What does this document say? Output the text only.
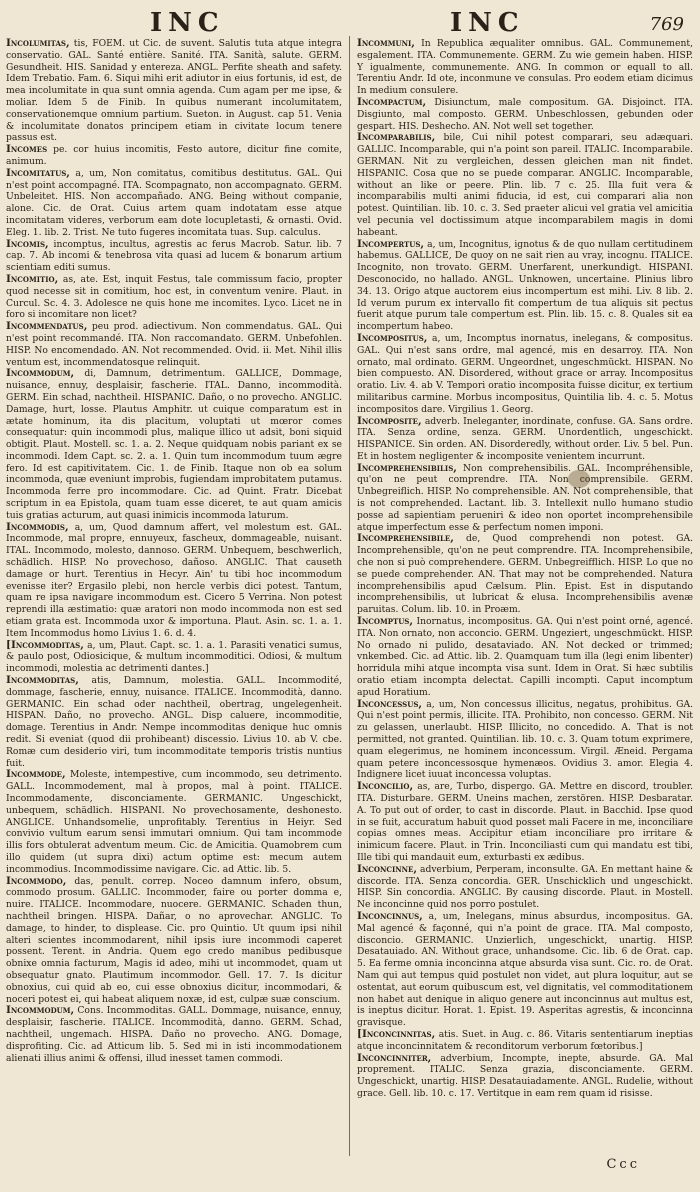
INC	INC	769

Incolumitas, tis, FOEM. ut Cic. de suvent. Salutis tuta atque integra conservatio. GAL. Santé entière. Sanité. ITA. Sanità, salute. GERM. Gesundheit. HIS. Sanidad y entereza. ANGL. Perfite sheath and safety. Idem Trebatio. Fam. 6. Siqui mihi erit adiutor in eius fortunis, id est, de mea incolumitate in qua sunt omnia agenda. Cum agam per me ipse, & moliar. Idem 5 de Finib. In quibus numerant incolumitatem, conservationemque omnium partium. Sueton. in August. cap 51. Venia & incolumitate donatos principem etiam in civitate locum tenere passus est.

Incomes pe. cor huius incomitis, Festo autore, dicitur fine comite, animum.

Incomitatus, a, um, Non comitatus, comitibus destitutus. GAL. Qui n'est point accompagné. ITA. Scompagnato, non accompagnato. GERM. Unbeleitet. HIS. Non accompañado. ANG. Being without companie, alone. Cic. de Orat. Cuius artem quam indotatam esse atque incomitatam videres, verborum eam dote locupletasti, & ornasti. Ovid. Eleg. 1. lib. 2. Trist. Ne tuto fugeres incomitata tuas. Sup. calculus.

Incomis, incomptus, incultus, agrestis ac ferus Macrob. Satur. lib. 7 cap. 7. Ab incomi & tenebrosa vita quasi ad lucem & bonarum artium scientiam editi sumus.

Incomitio, as, ate. Est, inquit Festus, tale commissum facio, propter quod necesse sit in comitium, hoc est, in conventum venire. Plaut. in Curcul. Sc. 4. 3. Adolesce ne quis hone me incomites. Lyco. Licet ne in foro si incomitare non licet?

Incommendatus, peu prod. adiectivum. Non commendatus. GAL. Qui n'est point recommandé. ITA. Non raccomandato. GERM. Unbefohlen. HISP. No encomendado. AN. Not recommended. Ovid. ii. Met. Nihil illis ventum est, incommendatosque relinquit.

Incommodum, di, Damnum, detrimentum. GALLICE, Dommage, nuisance, ennuy, desplaisir, fascherie. ITAL. Danno, incommodità. GERM. Ein schad, nachtheil. HISPANIC. Daño, o no provecho. ANGLIC. Damage, hurt, losse. Plautus Amphitr. ut cuique comparatum est in ætate hominum, ita dis placitum, voluptati ut mœror comes consequatur: quin incommodi plus, malique illico ut adsit, boni siquid obtigit. Plaut. Mostell. sc. 1. a. 2. Neque quidquam nobis pariant ex se incommodi. Idem Capt. sc. 2. a. 1. Quin tum incommodum tuum ægre fero. Id est capitivitatem. Cic. 1. de Finib. Itaque non ob ea solum incommoda, quæ eveniunt improbis, fugiendam improbitatem putamus. Incommoda ferre pro incommodare. Cic. ad Quint. Fratr. Dicebat scriptum in ea Epistola, quam tuam esse diceret, te aut quam amicis tuis gratias acturum, aut quasi inimicis incommoda laturum.

Incommodis, a, um, Quod damnum affert, vel molestum est. GAL. Incommode, mal propre, ennuyeux, fascheux, dommageable, nuisant. ITAL. Incommodo, molesto, dannoso. GERM. Unbequem, beschwerlich, schädlich. HISP. No provechoso, dañoso. ANGLIC. That causeth damage or hurt. Terentius in Hecyr. Ain' tu tibi hoc incommodum evenisse iter? Ergasilo plebi, non hercle verbis dici potest. Tantum, quam re ipsa navigare incommodum est. Cicero 5 Verrina. Non potest reprendi illa æstimatio: quæ aratori non modo incommoda non est sed etiam grata est. Incommoda uxor & importuna. Plaut. Asin. sc. 1. a. 1. Item Incommodus homo Livius 1. 6. d. 4.

[Incommoditas, a, um, Plaut. Capt. sc. 1. a. 1. Parasiti venatici sumus, & paulo post, Odiosicique, & multum incommoditici. Odiosi, & multum incommodi, molestia ac detrimenti dantes.]

Incommoditas, atis, Damnum, molestia. GALL. Incommodité, dommage, fascherie, ennuy, nuisance. ITALICE. Incommodità, danno. GERMANIC. Ein schad oder nachtheil, obertrag, ungelegenheit. HISPAN. Daño, no provecho. ANGL. Disp caluere, incommoditie, domage. Terentius in Andr. Nempe incommoditas denique huc omnis redit. Si eveniat (quod dii prohibeant) discessio. Livius 10. ab V. cbe. Romæ cum desiderio viri, tum incommoditate temporis tristis nuntius fuit.

Incommode, Moleste, intempestive, cum incommodo, seu detrimento. GALL. Incommodement, mal à propos, mal à point. ITALICE. Incommodamente, disconciamente. GERMANIC. Ungeschickt, unbequem, schädlich. HISPANI. No provechosamente, deshonesto. ANGLICE. Unhandsomelie, unprofitably. Terentius in Heiyr. Sed convivio vultum earum sensi immutari omnium. Qui tam incommode illis fors obtulerat adventum meum. Cic. de Amicitia. Quamobrem cum illo quidem (ut supra dixi) actum optime est: mecum autem incommodius. Incommodissime navigare. Cic. ad Attic. lib. 5.

Incommodo, das, penult. correp. Noceo damnum infero, obsum, commodo prosum. GALLIC. Incommoder, faire ou porter domma e, nuire. ITALICE. Incommodare, nuocere. GERMANIC. Schaden thun, nachtheil bringen. HISPA. Dañar, o no aprovechar. ANGLIC. To damage, to hinder, to displease. Cic. pro Quintio. Ut quum ipsi nihil alteri scientes incommodarent, nihil ipsis iure incommodi caperet possent. Terent. in Andria. Quem ego credo manibus pedibusque obnixe omnia facturum, Magis id adeo, mihi ut incommodet, quam ut obsequatur gnato. Plautimum incommodor. Gell. 17. 7. Is dicitur obnoxius, cui quid ab eo, cui esse obnoxius dicitur, incommodari, & noceri potest ei, qui habeat aliquem noxæ, id est, culpæ suæ conscium.

Incommodum, Cons. Incommoditas. GALL. Dommage, nuisance, ennuy, desplaisir, fascherie. ITALICE. Incommodità, danno. GERM. Schad, nachtheil, ungemach. HISPA. Daño no provecho. ANG. Domage, disprofiting. Cic. ad Atticum lib. 5. Sed mi in isti incommodationem alienati illius animi & offensi, illud inesset tamen commodi.

Incommuni, In Republica æqualiter omnibus. GAL. Communement, esgalement. ITA. Communemente. GERM. Zu wie gemein haben. HISP. Y igualmente, communemente. ANG. In common or equall to all. Terentiu Andr. Id ote, inconmune ve consulas. Pro eodem etiam dicimus In medium consulere.

Incompactum, Disiunctum, male compositum. GA. Disjoinct. ITA. Disgiunto, mal composto. GERM. Unbeschlossen, gebunden oder gespart. HIS. Deshecho. AN. Not well set together.

Incomparabilis, bile, Cui nihil potest comparari, seu adæquari. GALLIC. Incomparable, qui n'a point son pareil. ITALIC. Incomparabile. GERMAN. Nit zu vergleichen, dessen gleichen man nit findet. HISPANIC. Cosa que no se puede comparar. ANGLIC. Incomparable, without an like or peere. Plin. lib. 7 c. 25. Illa fuit vera & incomparabilis multi animi fiducia, id est, cui comparari alia non potest. Quintilian. lib. 10. c. 3. Sed praeter alicui vel gratia vel amicitia vel pecunia vel doctissimum atque incomparabilem magis in domi habeant.

Incompertus, a, um, Incognitus, ignotus & de quo nullam certitudinem habemus. GALLICE, De quoy on ne sait rien au vray, incognu. ITALICE. Incognito, non trovato. GERM. Unerfarent, unerkundigt. HISPANI. Desconocido, no hallado. ANGL. Unknowen, uncertaine. Plinius libro 34. 13. Origo atque auctorem eius incompertum est mihi. Liv. 8 lib. 2. Id verum purum ex intervallo fit compertum de tua aliquis sit pectus fuerit atque purum tale compertum est. Plin. lib. 15. c. 8. Quales sit ea incompertum habeo.

Incompositus, a, um, Incomptus inornatus, inelegans, & compositus. GAL. Qui n'est sans ordre, mal agencé, mis en desarroy. ITA. Non ornato, mal ordinato. GERM. Ungeordnet, ungeschmückt. HISPAN. No bien compuesto. AN. Disordered, without grace or array. Incompositus oratio. Liv. 4. ab V. Tempori oratio incomposita fuisse dicitur, ex tertium militaribus carmine. Morbus incompositus, Quintilia lib. 4. c. 5. Motus incompositos dare. Virgilius 1. Georg.

Incomposite, adverb. Ineleganter, inordinate, confuse. GA. Sans ordre. ITA. Senza ordine, senza. GERM. Unordentlich, ungeschickt. HISPANICE. Sin orden. AN. Disorderedly, without order. Liv. 5 bel. Pun. Et in hostem negligenter & incomposite venientem incurrunt.

Incomprehensibilis, Non comprehensibilis. GAL. Incompréhensible, qu'on ne peut comprendre. ITA. Non comprensibile. GERM. Unbegreiflich. HISP. No comprehensible. AN. Not comprehensible, that is not comprehended. Lactant. lib. 3. Intellexit nullo humano studio posse ad sapientiam perueniri & ideo non oportet incomprehensibile atque imperfectum esse & perfectum nomen imponi.

Incomprehensibile, de, Quod comprehendi non potest. GA. Incomprehensible, qu'on ne peut comprendre. ITA. Incomprehensibile, che non si può comprehendere. GERM. Unbegreifflich. HISP. Lo que no se puede comprehender. AN. That may not be comprehended. Natura incomprehensibilis apud Cælsum. Plin. Epist. Est in disputando incomprehensibilis, ut lubricat & elusa. Incomprehensibilis avenæ paruitas. Colum. lib. 10. in Proæm.

Incomptus, Inornatus, incompositus. GA. Qui n'est point orné, agencé. ITA. Non ornato, non acconcio. GERM. Ungeziert, ungeschmückt. HISP. No ornado ni pulido, desataviado. AN. Not decked or trimmed; vnkembed. Cic. ad Attic. lib. 2. Quamquam tum illa (legi enim libenter) horridula mihi atque incompta visa sunt. Idem in Orat. Si hæc subtilis oratio etiam incompta delectat. Capilli incompti. Caput incomptum apud Horatium.

Inconcessus, a, um, Non concessus illicitus, negatus, prohibitus. GA. Qui n'est point permis, illicite. ITA. Prohibito, non concesso. GERM. Nit zu gelassen, unerlaubt. HISP. Illicito, no concedido. A. That is not permitted, not granted. Quintilian. lib. 10. c. 3. Quam totum exprimere, quam elegerimus, ne hominem inconcessum. Virgil. Æneid. Pergama quam petere inconcessosque hymenæos. Ovidius 3. amor. Elegia 4. Indignere licet iuuat inconcessa voluptas.

Inconcilio, as, are, Turbo, dispergo. GA. Mettre en discord, troubler. ITA. Disturbare. GERM. Uneins machen, zerstören. HISP. Desbaratar. A. To put out of order, to cast in discorde. Plaut. in Bacchid. Ipse quod in se fuit, accuratum habuit quod posset mali Facere in me, inconciliare copias omnes meas. Accipitur etiam inconciliare pro irritare & inimicum facere. Plaut. in Trin. Inconciliasti cum qui mandatu est tibi, Ille tibi qui mandauit eum, exturbasti ex ædibus.

Inconcinne, adverbium, Perperam, inconsulte. GA. En mettant haine & discorde. ITA. Senza concordia. GER. Unschicklich und ungeschickt. HISP. Sin concordia. ANGLIC. By causing discorde. Plaut. in Mostell. Ne inconcinne quid nos porro postulet.

Inconcinnus, a, um, Inelegans, minus absurdus, incompositus. GA. Mal agencé & façonné, qui n'a point de grace. ITA. Mal composto, disconcio. GERMANIC. Unzierlich, ungeschickt, unartig. HISP. Desatauiado. AN. Without grace, unhandsome. Cic. lib. 6 de Orat. cap. 5. Ea ferme omnia inconcinna atque absurda visa sunt. Cic. ro. de Orat. Nam qui aut tempus quid postulet non videt, aut plura loquitur, aut se ostentat, aut eorum quibuscum est, vel dignitatis, vel commoditationem non habet aut denique in aliquo genere aut inconcinnus aut multus est, is ineptus dicitur. Horat. 1. Epist. 19. Asperitas agrestis, & inconcinna gravisque.

[Inconcinnitas, atis. Suet. in Aug. c. 86. Vitaris sententiarum ineptias atque inconcinnitatem & reconditorum verborum fœtoribus.]

Inconcinniter, adverbium, Incompte, inepte, absurde. GA. Mal proprement. ITALIC. Senza grazia, disconciamente. GERM. Ungeschickt, unartig. HISP. Desatauiadamente. ANGL. Rudelie, without grace. Gell. lib. 10. c. 17. Vertitque in eam rem quam id risisse.

Ccc
